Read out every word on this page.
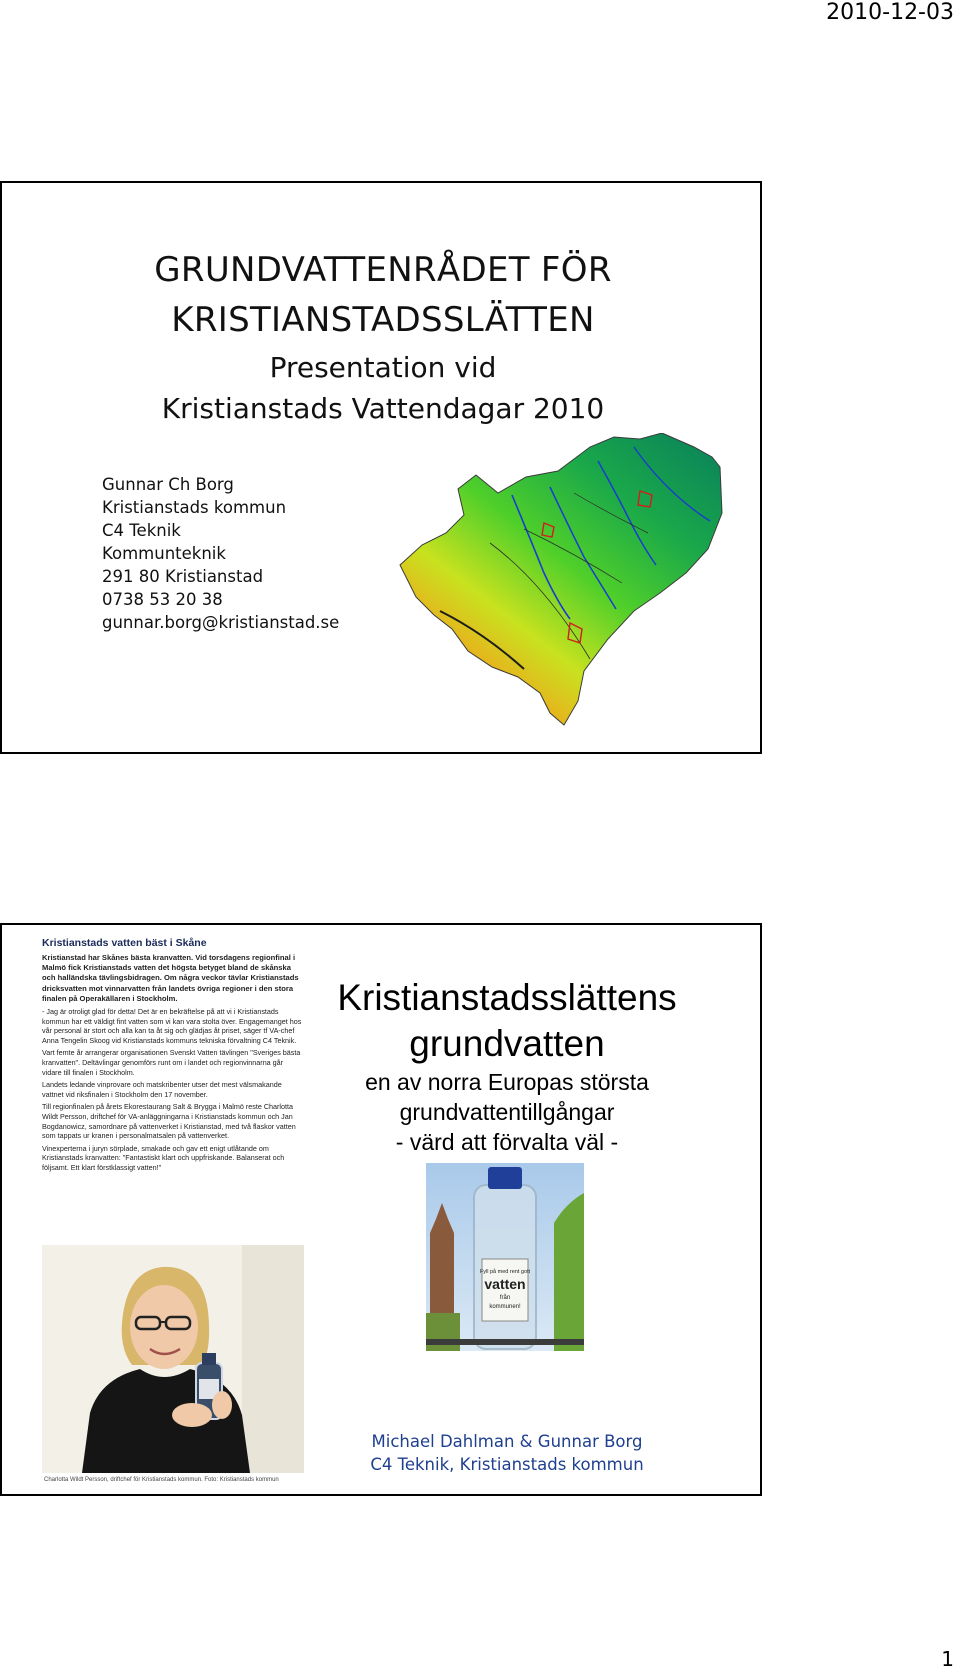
2010-12-03
GRUNDVATTENRÅDET FÖR
KRISTIANSTADSSLÄTTEN
Presentation vid
Kristianstads Vattendagar 2010
Gunnar Ch Borg
Kristianstads kommun
C4 Teknik
Kommunteknik
291 80 Kristianstad
0738 53 20 38
gunnar.borg@kristianstad.se
Kristianstads vatten bäst i Skåne
Kristianstad har Skånes bästa kranvatten. Vid torsdagens regionfinal i Malmö fick Kristianstads vatten det högsta betyget bland de skånska och halländska tävlingsbidragen. Om några veckor tävlar Kristianstads dricksvatten mot vinnarvatten från landets övriga regioner i den stora finalen på Operakällaren i Stockholm.
- Jag är otroligt glad för detta! Det är en bekräftelse på att vi i Kristianstads kommun har ett väldigt fint vatten som vi kan vara stolta över. Engagemanget hos vår personal är stort och alla kan ta åt sig och glädjas åt priset, säger tf VA-chef Anna Tengelin Skoog vid Kristianstads kommuns tekniska förvaltning C4 Teknik.
Vart femte år arrangerar organisationen Svenskt Vatten tävlingen "Sveriges bästa kranvatten". Deltävlingar genomförs runt om i landet och regionvinnarna går vidare till finalen i Stockholm.
Landets ledande vinprovare och matskribenter utser det mest välsmakande vattnet vid riksfinalen i Stockholm den 17 november.
Till regionfinalen på årets Ekorestaurang Salt & Brygga i Malmö reste Charlotta Wildt Persson, driftchef för VA-anläggningarna i Kristianstads kommun och Jan Bogdanowicz, samordnare på vattenverket i Kristianstad, med två flaskor vatten som tappats ur kranen i personalmatsalen på vattenverket.
Vinexperterna i juryn sörplade, smakade och gav ett enigt utlåtande om Kristianstads kranvatten: "Fantastiskt klart och uppfriskande. Balanserat och följsamt. Ett klart förstklassigt vatten!"
Charlotta Wildt Persson, driftchef för Kristianstads kommun. Foto: Kristianstads kommun
Kristianstadsslättens
grundvatten
en av norra Europas största
grundvattentillgångar
- värd att förvalta väl -
Fyll på med rent gott
vatten
från
kommunen!
Michael Dahlman & Gunnar Borg
C4 Teknik, Kristianstads kommun
1
